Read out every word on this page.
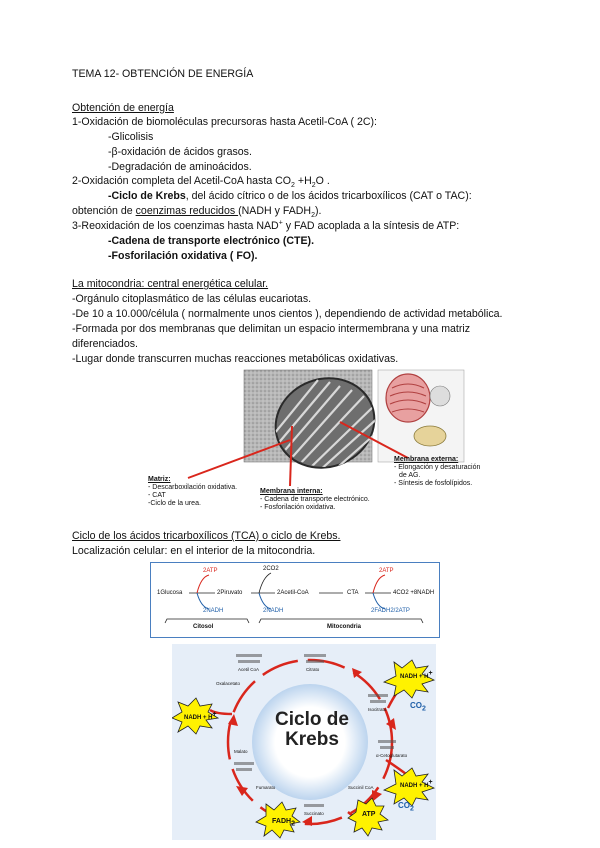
TEMA 12- OBTENCIÓN DE ENERGÍA
Obtención de energía
1-Oxidación de biomoléculas precursoras hasta Acetil-CoA ( 2C):
-Glicolisis
-β-oxidación de ácidos grasos.
-Degradación de aminoácidos.
2-Oxidación completa del Acetil-CoA hasta $CO_2 +H_2O$ .
-Ciclo de Krebs, del ácido cítrico o de los ácidos tricarboxílicos (CAT o TAC):
obtención de coenzimas reducidos (NADH y $FADH_2$).
3-Reoxidación de los coenzimas hasta NAD+ y FAD acoplada a la síntesis de ATP:
-Cadena de transporte electrónico (CTE).
-Fosforilación oxidativa ( FO).
La mitocondria: central energética celular.
-Orgánulo citoplasmático de las células eucariotas.
-De 10 a 10.000/célula ( normalmente unos cientos ), dependiendo de actividad metabólica.
-Formada por dos membranas que delimitan un espacio intermembrana y una matriz
diferenciados.
-Lugar donde transcurren muchas reacciones metabólicas oxidativas.
Matriz:
- Descarboxilación oxidativa.
- CAT
-Ciclo de la urea.
Membrana interna:
- Cadena de transporte electrónico.
- Fosforilación oxidativa.
Membrana externa:
- Elongación y desaturación
de AG.
- Síntesis de fosfolípidos.
Ciclo de los ácidos tricarboxílicos (TCA) o ciclo de Krebs.
Localización celular: en el interior de la mitocondria.
1Glucosa	2Piruvato	2Acetil-CoA	CTA	4CO2 +8NADH
2ATP	2CO2	2ATP
2NADH	2NADH	2FADH2/2ATP
Citosol	Mitocondria
Ciclo de
Krebs
NADH + H+
NADH + H+
NADH + H+
$FADH_2$
ATP
$CO_2$
$CO_2$
Acetil CoA	Citrato
Oxalacetato
Isocitrato
Malato
α-Cetoglutarato
Fumarato	Succinil CoA
Succinato
